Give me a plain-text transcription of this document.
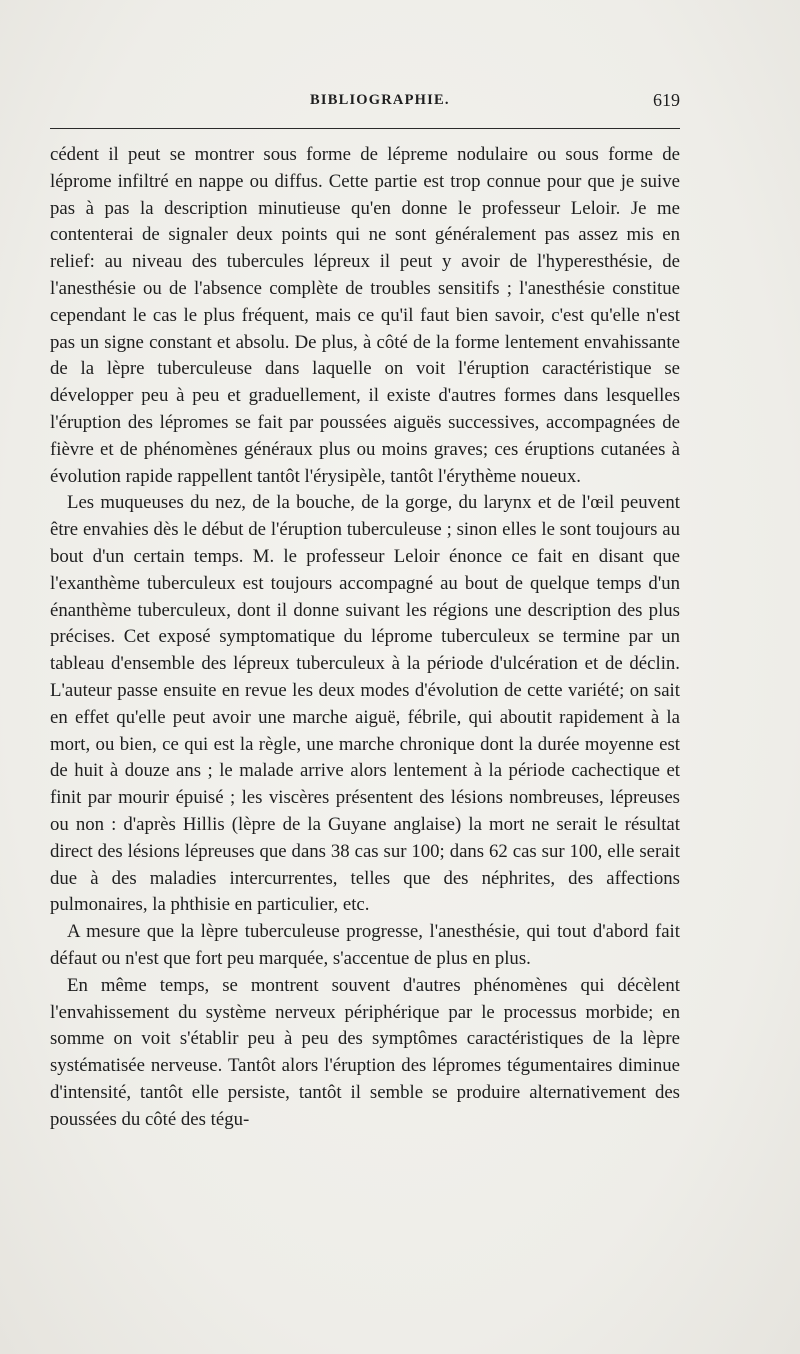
BIBLIOGRAPHIE.	619

cédent il peut se montrer sous forme de lépreme nodulaire ou sous forme de léprome infiltré en nappe ou diffus. Cette partie est trop connue pour que je suive pas à pas la description minutieuse qu'en donne le professeur Leloir. Je me contenterai de signaler deux points qui ne sont généralement pas assez mis en relief: au niveau des tubercules lépreux il peut y avoir de l'hyperesthésie, de l'anesthésie ou de l'absence complète de troubles sensitifs ; l'anesthésie constitue cependant le cas le plus fréquent, mais ce qu'il faut bien savoir, c'est qu'elle n'est pas un signe constant et absolu. De plus, à côté de la forme lentement envahissante de la lèpre tuberculeuse dans laquelle on voit l'éruption caractéristique se développer peu à peu et graduellement, il existe d'autres formes dans lesquelles l'éruption des lépromes se fait par poussées aiguës successives, accompagnées de fièvre et de phénomènes généraux plus ou moins graves; ces éruptions cutanées à évolution rapide rappellent tantôt l'érysipèle, tantôt l'érythème noueux.

Les muqueuses du nez, de la bouche, de la gorge, du larynx et de l'œil peuvent être envahies dès le début de l'éruption tuberculeuse ; sinon elles le sont toujours au bout d'un certain temps. M. le professeur Leloir énonce ce fait en disant que l'exanthème tuberculeux est toujours accompagné au bout de quelque temps d'un énanthème tuberculeux, dont il donne suivant les régions une description des plus précises. Cet exposé symptomatique du léprome tuberculeux se termine par un tableau d'ensemble des lépreux tuberculeux à la période d'ulcération et de déclin. L'auteur passe ensuite en revue les deux modes d'évolution de cette variété; on sait en effet qu'elle peut avoir une marche aiguë, fébrile, qui aboutit rapidement à la mort, ou bien, ce qui est la règle, une marche chronique dont la durée moyenne est de huit à douze ans ; le malade arrive alors lentement à la période cachectique et finit par mourir épuisé ; les viscères présentent des lésions nombreuses, lépreuses ou non : d'après Hillis (lèpre de la Guyane anglaise) la mort ne serait le résultat direct des lésions lépreuses que dans 38 cas sur 100; dans 62 cas sur 100, elle serait due à des maladies intercurrentes, telles que des néphrites, des affections pulmonaires, la phthisie en particulier, etc.

A mesure que la lèpre tuberculeuse progresse, l'anesthésie, qui tout d'abord fait défaut ou n'est que fort peu marquée, s'accentue de plus en plus.

En même temps, se montrent souvent d'autres phénomènes qui décèlent l'envahissement du système nerveux périphérique par le processus morbide; en somme on voit s'établir peu à peu des symptômes caractéristiques de la lèpre systématisée nerveuse. Tantôt alors l'éruption des lépromes tégumentaires diminue d'intensité, tantôt elle persiste, tantôt il semble se produire alternativement des poussées du côté des tégu-
